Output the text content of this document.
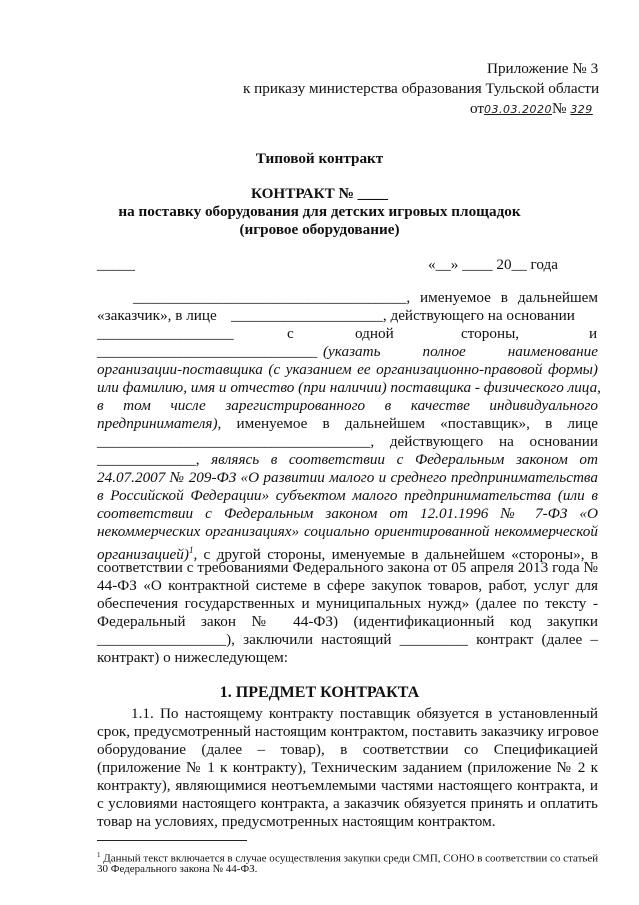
Приложение № 3
к приказу министерства образования Тульской области
от03.03.2020№ 329
Типовой контракт
КОНТРАКТ № ____
на поставку оборудования для детских игровых площадок
(игровое оборудование)
_____	«__» ____ 20__ года
____________________________________, именуемое в дальнейшем
«заказчик», в лице ____________________, действующего на основании
__________________	с	одной	стороны,	и
_____________________________ (указать полное наименование
организации-поставщика (с указанием ее организационно-правовой формы)
или фамилию, имя и отчество (при наличии) поставщика - физического лица,
в том числе зарегистрированного в качестве индивидуального
предпринимателя), именуемое в дальнейшем «поставщик», в лице
____________________________________, действующего на основании
_____________, являясь в соответствии с Федеральным законом от
24.07.2007 № 209-ФЗ «О развитии малого и среднего предпринимательства
в Российской Федерации» субъектом малого предпринимательства (или в
соответствии с Федеральным законом от 12.01.1996 № 7-ФЗ «О
некоммерческих организациях» социально ориентированной некоммерческой
организацией)$^1$, с другой стороны, именуемые в дальнейшем «стороны», в
соответствии с требованиями Федерального закона от 05 апреля 2013 года №
44-ФЗ «О контрактной системе в сфере закупок товаров, работ, услуг для
обеспечения государственных и муниципальных нужд» (далее по тексту -
Федеральный закон № 44-ФЗ) (идентификационный код закупки
_________________), заключили настоящий _________ контракт (далее –
контракт) о нижеследующем:
1. ПРЕДМЕТ КОНТРАКТА
1.1. По настоящему контракту поставщик обязуется в установленный
срок, предусмотренный настоящим контрактом, поставить заказчику игровое
оборудование (далее – товар), в соответствии со Спецификацией
(приложение № 1 к контракту), Техническим заданием (приложение № 2 к
контракту), являющимися неотъемлемыми частями настоящего контракта, и
с условиями настоящего контракта, а заказчик обязуется принять и оплатить
товар на условиях, предусмотренных настоящим контрактом.
$^1$ Данный текст включается в случае осуществления закупки среди СМП, СОНО в соответствии со статьей
30 Федерального закона № 44-ФЗ.
